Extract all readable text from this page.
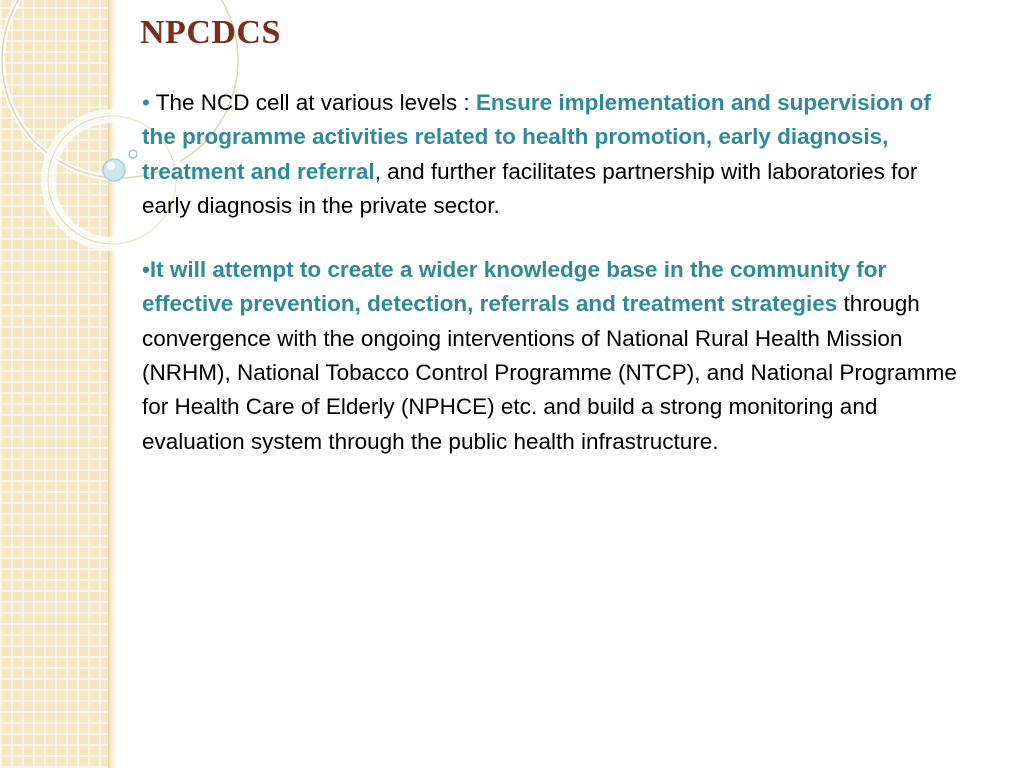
NPCDCS

• The NCD cell at various levels : Ensure implementation and supervision of the programme activities related to health promotion, early diagnosis, treatment and referral, and further facilitates partnership with laboratories for early diagnosis in the private sector.

•It will attempt to create a wider knowledge base in the community for effective prevention, detection, referrals and treatment strategies through convergence with the ongoing interventions of National Rural Health Mission (NRHM), National Tobacco Control Programme (NTCP), and National Programme for Health Care of Elderly (NPHCE) etc. and build a strong monitoring and evaluation system through the public health infrastructure.
